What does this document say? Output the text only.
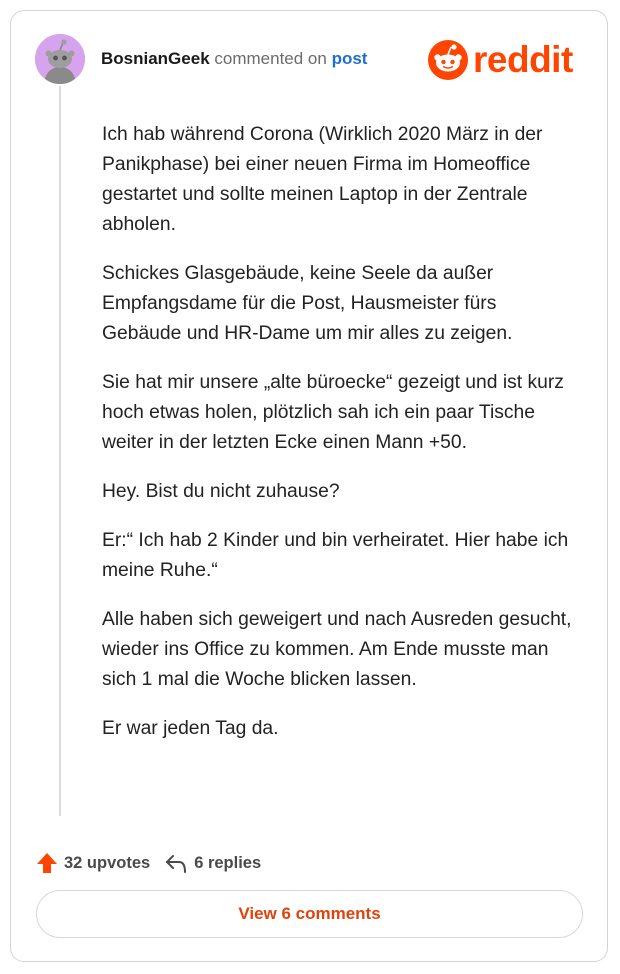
BosnianGeek commented on post	reddit

Ich hab während Corona (Wirklich 2020 März in der Panikphase) bei einer neuen Firma im Homeoffice gestartet und sollte meinen Laptop in der Zentrale abholen.

Schickes Glasgebäude, keine Seele da außer Empfangsdame für die Post, Hausmeister fürs Gebäude und HR-Dame um mir alles zu zeigen.

Sie hat mir unsere „alte büroecke“ gezeigt und ist kurz hoch etwas holen, plötzlich sah ich ein paar Tische weiter in der letzten Ecke einen Mann +50.

Hey. Bist du nicht zuhause?

Er:“ Ich hab 2 Kinder und bin verheiratet. Hier habe ich meine Ruhe.“

Alle haben sich geweigert und nach Ausreden gesucht, wieder ins Office zu kommen. Am Ende musste man sich 1 mal die Woche blicken lassen.

Er war jeden Tag da.

32 upvotes	6 replies
View 6 comments
